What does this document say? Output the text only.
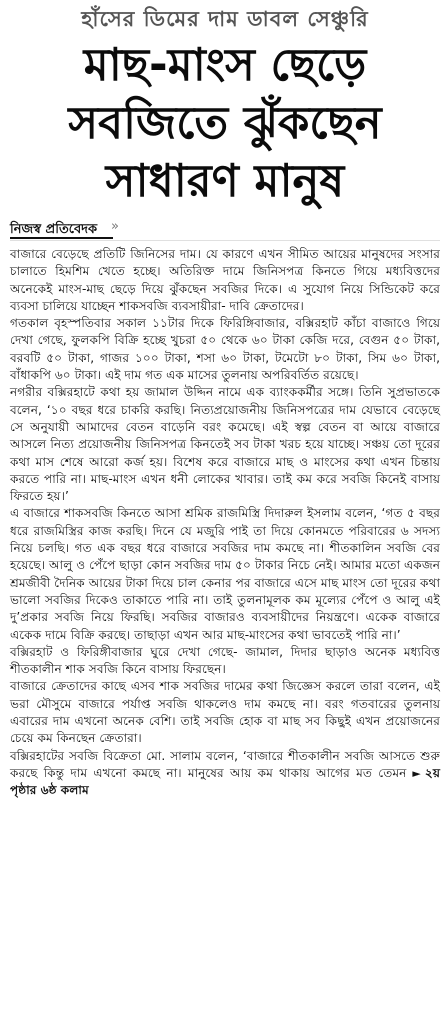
হাঁসের ডিমের দাম ডাবল সেঞ্চুরি
মাছ-মাংস ছেড়ে
সবজিতে ঝুঁকছেন
সাধারণ মানুষ
নিজস্ব প্রতিবেদক »

বাজারে বেড়েছে প্রতিটি জিনিসের দাম। যে কারণে এখন সীমিত আয়ের মানুষদের সংসার চালাতে হিমশিম খেতে হচ্ছে। অতিরিক্ত দামে জিনিসপত্র কিনতে গিয়ে মধ্যবিত্তদের অনেকেই মাংস-মাছ ছেড়ে দিয়ে ঝুঁকছেন সবজির দিকে। এ সুযোগ নিয়ে সিন্ডিকেট করে ব্যবসা চালিয়ে যাচ্ছেন শাকসবজি ব্যবসায়ীরা- দাবি ক্রেতাদের।

গতকাল বৃহস্পতিবার সকাল ১১টার দিকে ফিরিঙ্গিবাজার, বক্সিরহাট কাঁচা বাজাওে গিয়ে দেখা গেছে, ফুলকপি বিক্রি হচ্ছে খুচরা ৫০ থেকে ৬০ টাকা কেজি দরে, বেগুন ৫০ টাকা, বরবটি ৫০ টাকা, গাজর ১০০ টাকা, শসা ৬০ টাকা, টমেটো ৮০ টাকা, সিম ৬০ টাকা, বাঁধাকপি ৬০ টাকা। এই দাম গত এক মাসের তুলনায় অপরিবর্তিত রয়েছে।

নগরীর বক্সিরহাটে কথা হয় জামাল উদ্দিন নামে এক ব্যাংককর্মীর সঙ্গে। তিনি সুপ্রভাতকে বলেন, ‘১০ বছর ধরে চাকরি করছি। নিত্যপ্রয়োজনীয় জিনিসপত্রের দাম যেভাবে বেড়েছে সে অনুযায়ী আমাদের বেতন বাড়েনি বরং কমেছে। এই স্বল্প বেতন বা আয়ে বাজারে আসলে নিত্য প্রয়োজনীয় জিনিসপত্র কিনতেই সব টাকা খরচ হয়ে যাচ্ছে। সঞ্চয় তো দূরের কথা মাস শেষে আরো কর্জ হয়। বিশেষ করে বাজারে মাছ ও মাংসের কথা এখন চিন্তায় করতে পারি না। মাছ-মাংস এখন ধনী লোকের খাবার। তাই কম করে সবজি কিনেই বাসায় ফিরতে হয়।’

এ বাজারে শাকসবজি কিনতে আসা শ্রমিক রাজমিস্ত্রি দিদারুল ইসলাম বলেন, ‘গত ৫ বছর ধরে রাজমিস্ত্রির কাজ করছি। দিনে যে মজুরি পাই তা দিয়ে কোনমতে পরিবারের ৬ সদস্য নিয়ে চলছি। গত এক বছর ধরে বাজারে সবজির দাম কমছে না। শীতকালিন সবজি বের হয়েছে। আলু ও পেঁপে ছাড়া কোন সবজির দাম ৫০ টাকার নিচে নেই। আমার মতো একজন শ্রমজীবী দৈনিক আয়ের টাকা দিয়ে চাল কেনার পর বাজারে এসে মাছ মাংস তো দূরের কথা ভালো সবজির দিকেও তাকাতে পারি না। তাই তুলনামূলক কম মূল্যের পেঁপে ও আলু এই দু’প্রকার সবজি নিয়ে ফিরছি। সবজির বাজারও ব্যবসায়ীদের নিয়ন্ত্রণে। একেক বাজারে একেক দামে বিক্রি করছে। তাছাড়া এখন আর মাছ-মাংসের কথা ভাবতেই পারি না।’

বক্সিরহাট ও ফিরিঙ্গীবাজার ঘুরে দেখা গেছে- জামাল, দিদার ছাড়াও অনেক মধ্যবিত্ত শীতকালীন শাক সবজি কিনে বাসায় ফিরছেন।

বাজারে ক্রেতাদের কাছে এসব শাক সবজির দামের কথা জিজ্ঞেস করলে তারা বলেন, এই ভরা মৌসুমে বাজারে পর্যাপ্ত সবজি থাকলেও দাম কমছে না। বরং গতবারের তুলনায় এবারের দাম এখনো অনেক বেশি। তাই সবজি হোক বা মাছ সব কিছুই এখন প্রয়োজনের চেয়ে কম কিনছেন ক্রেতারা।

বক্সিরহাটের সবজি বিক্রেতা মো. সালাম বলেন, ‘বাজারে শীতকালীন সবজি আসতে শুরু করছে কিন্তু দাম এখনো কমছে না। মানুষের আয় কম থাকায় আগের মত তেমন ► ২য় পৃষ্ঠার ৬ষ্ঠ কলাম
